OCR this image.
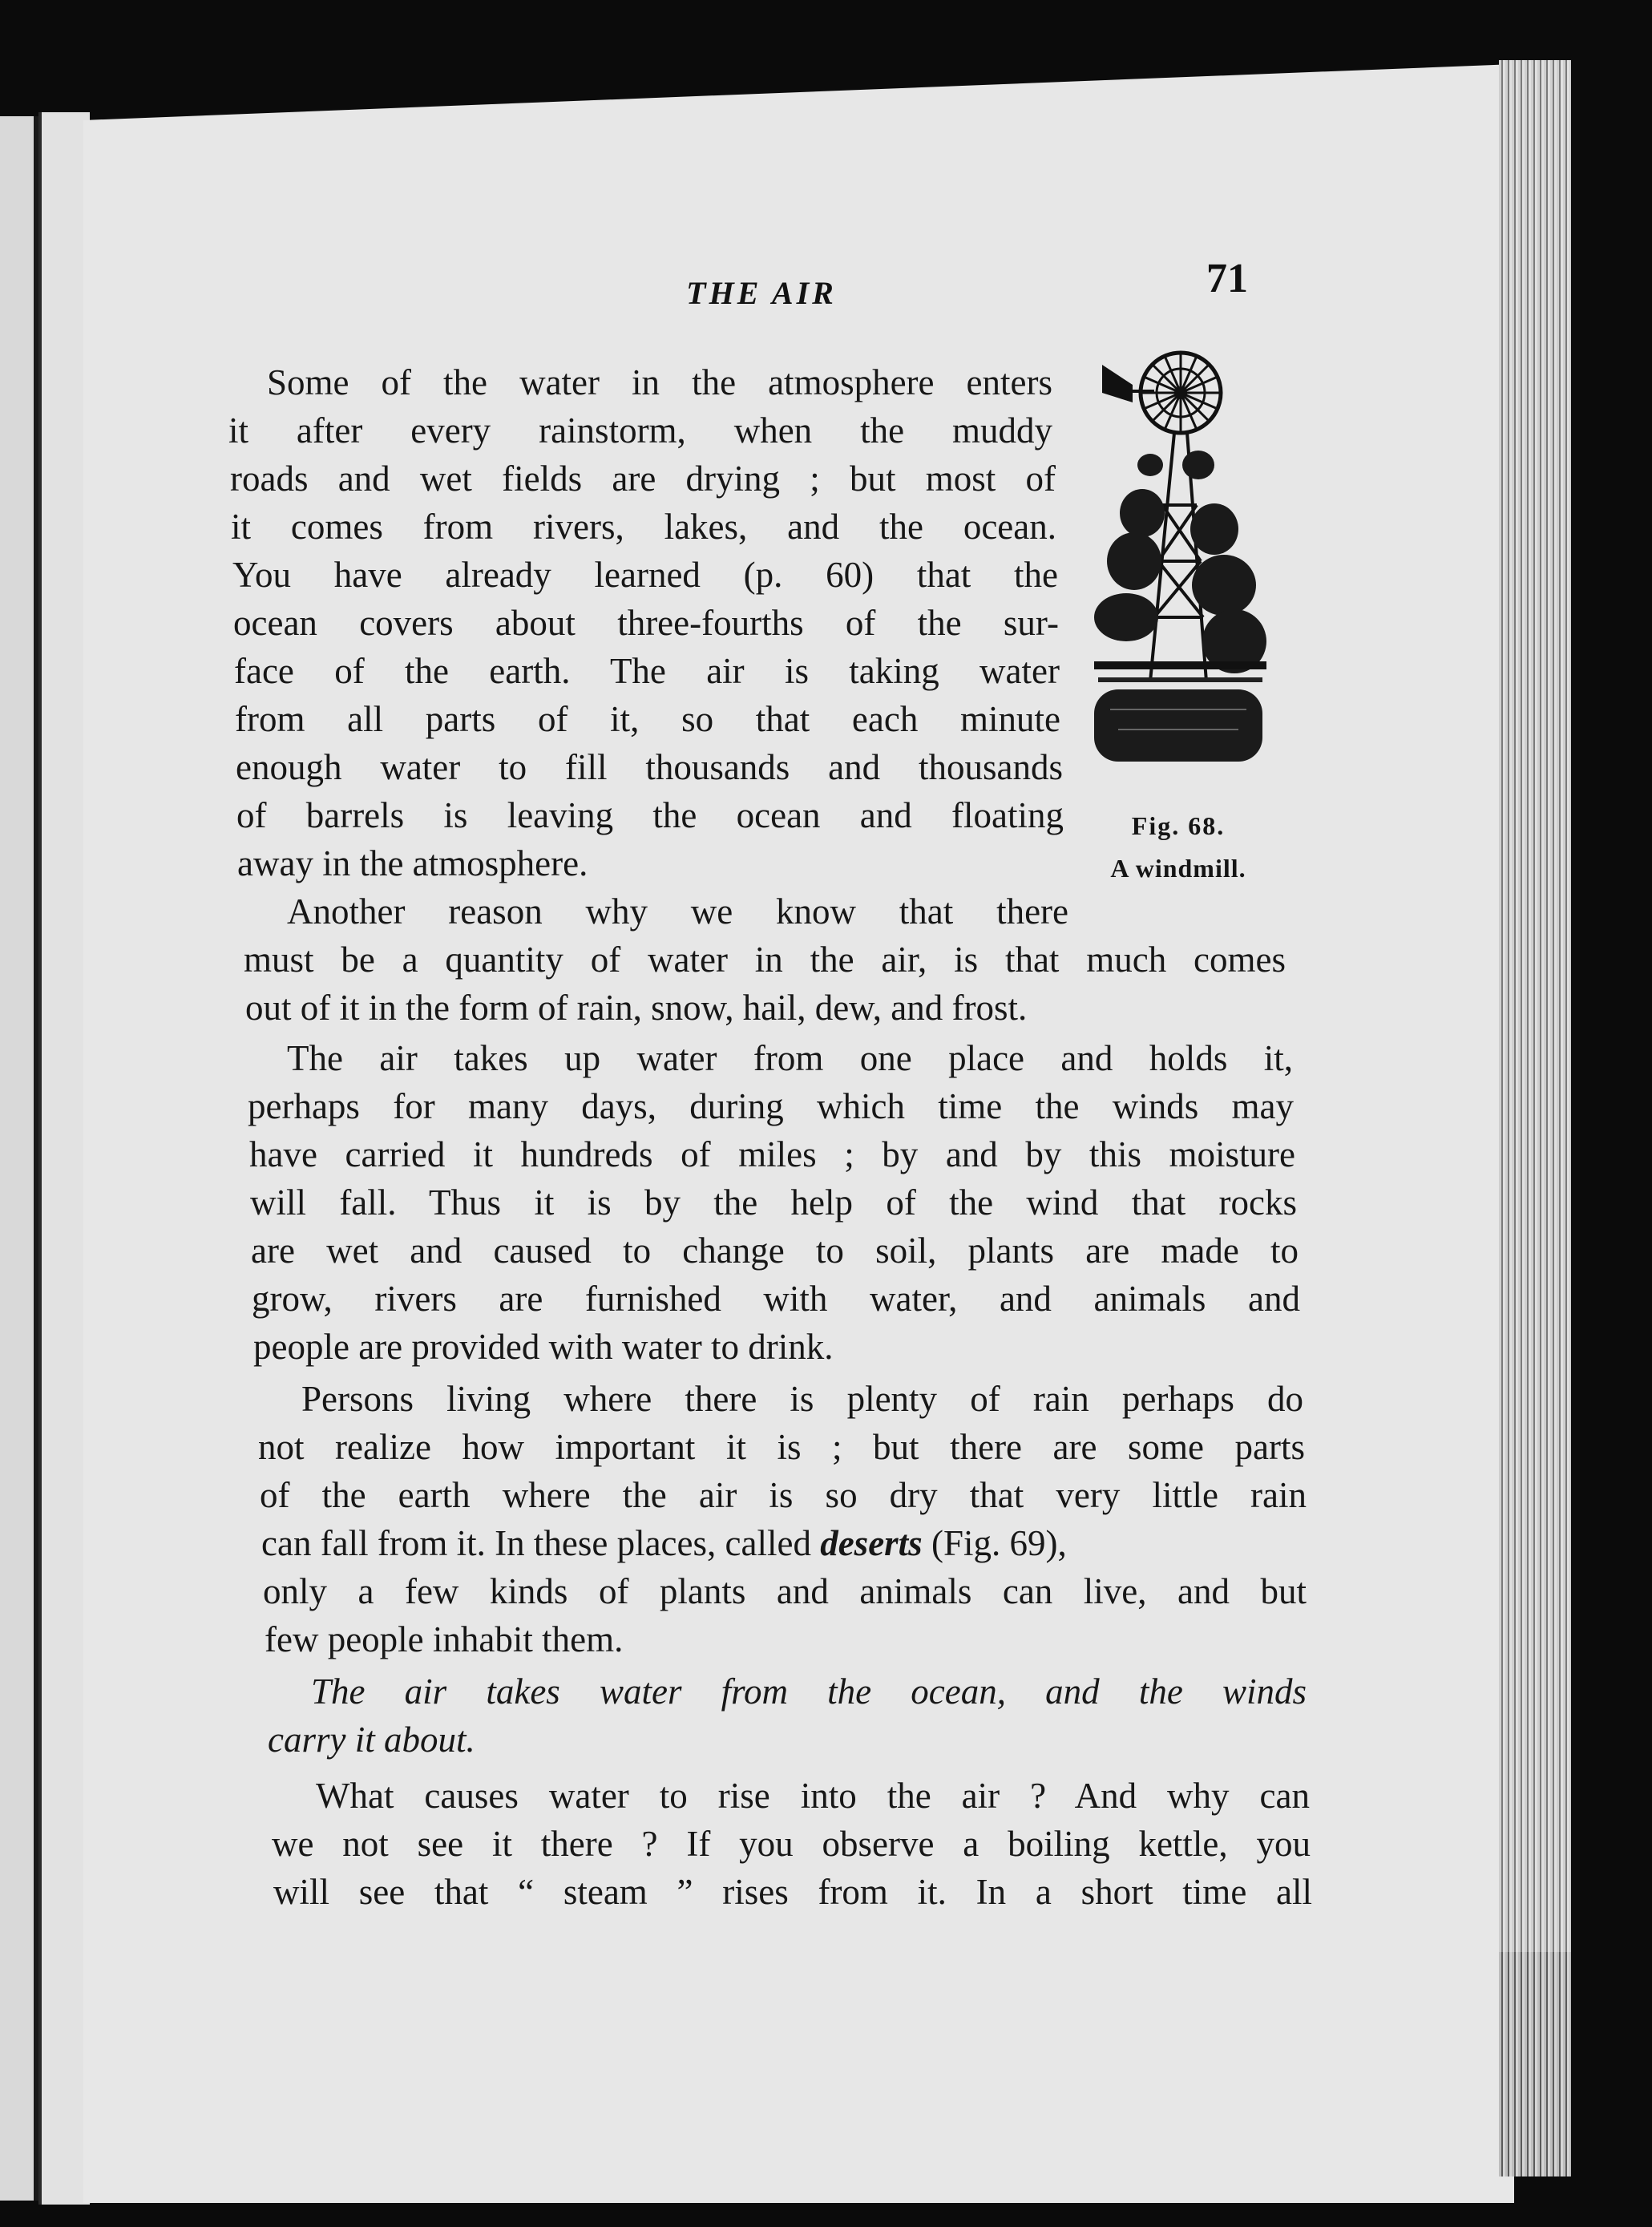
THE AIR	71
Some of the water in the atmosphere enters
it after every rainstorm, when the muddy
roads and wet fields are drying ; but most of
it comes from rivers, lakes, and the ocean.
You have already learned (p. 60) that the
ocean covers about three-fourths of the sur-
face of the earth. The air is taking water
from all parts of it, so that each minute
enough water to fill thousands and thousands
of barrels is leaving the ocean and floating
away in the atmosphere.
Another reason why we know that there
must be a quantity of water in the air, is that much comes
out of it in the form of rain, snow, hail, dew, and frost.
The air takes up water from one place and holds it,
perhaps for many days, during which time the winds may
have carried it hundreds of miles ; by and by this moisture
will fall. Thus it is by the help of the wind that rocks
are wet and caused to change to soil, plants are made to
grow, rivers are furnished with water, and animals and
people are provided with water to drink.
Persons living where there is plenty of rain perhaps do
not realize how important it is ; but there are some parts
of the earth where the air is so dry that very little rain
can fall from it. In these places, called deserts (Fig. 69),
only a few kinds of plants and animals can live, and but
few people inhabit them.
The air takes water from the ocean, and the winds
carry it about.
What causes water to rise into the air ? And why can
we not see it there ? If you observe a boiling kettle, you
will see that “ steam ” rises from it. In a short time all
Fig. 68.
A windmill.
